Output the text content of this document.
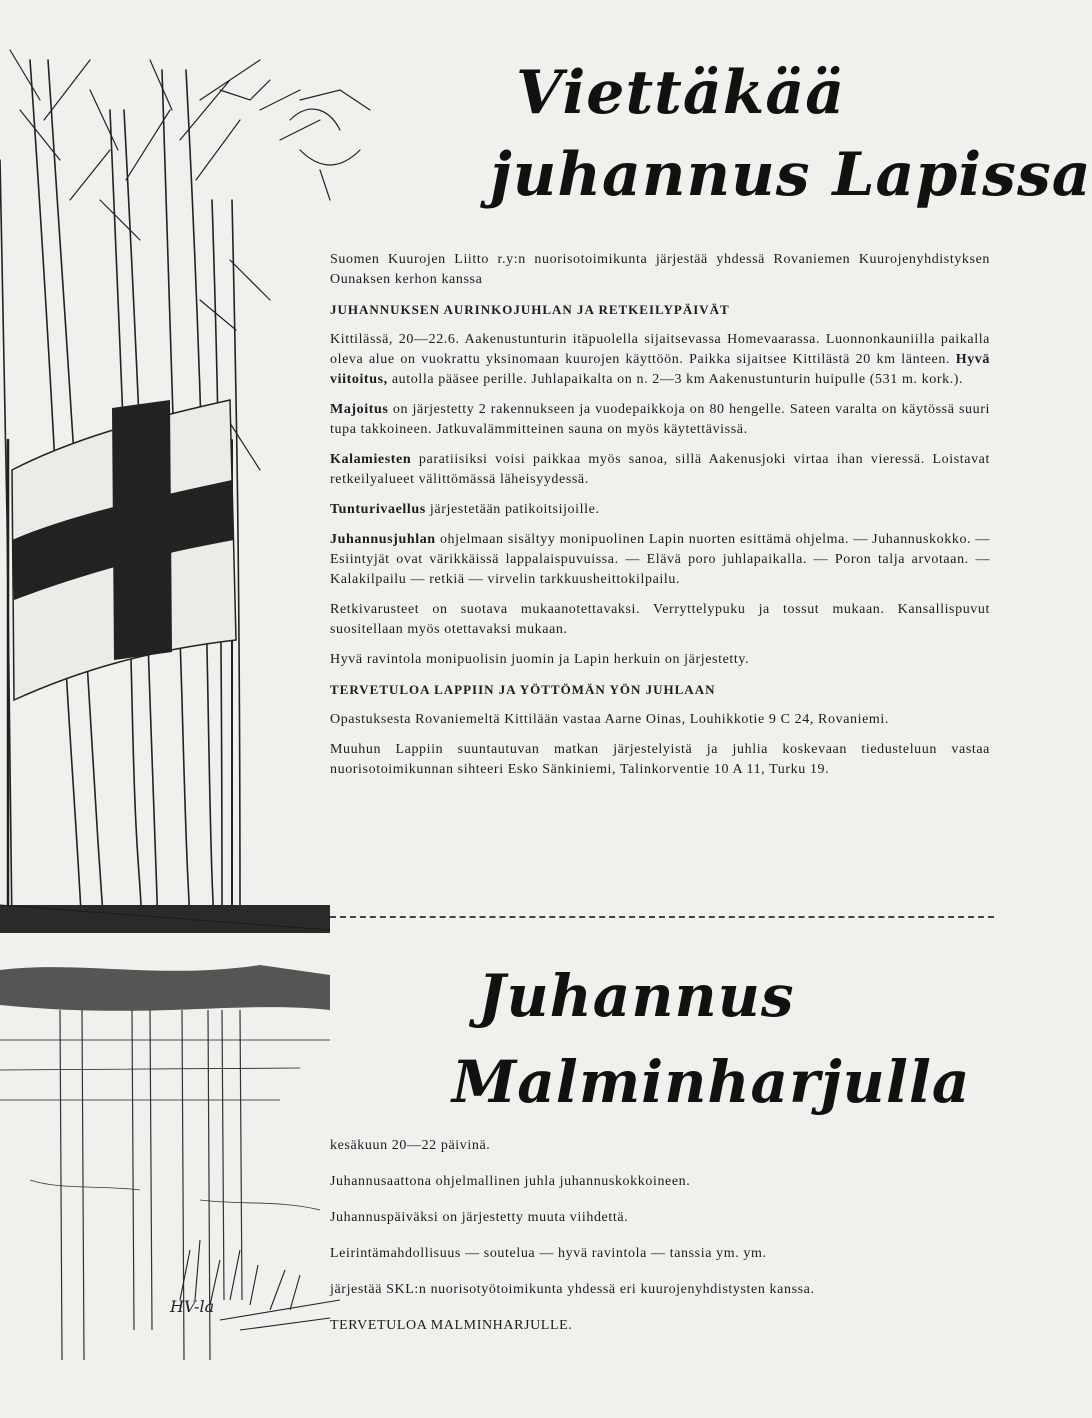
HV-la
Viettäkää
juhannus Lapissa

Suomen Kuurojen Liitto r.y:n nuorisotoimikunta järjestää yhdessä Rovaniemen Kuurojenyhdistyksen Ounaksen kerhon kanssa

JUHANNUKSEN AURINKOJUHLAN JA RETKEILYPÄIVÄT

Kittilässä, 20—22.6. Aakenustunturin itäpuolella sijaitsevassa Homevaarassa. Luonnonkauniilla paikalla oleva alue on vuokrattu yksinomaan kuurojen käyttöön. Paikka sijaitsee Kittilästä 20 km länteen. Hyvä viitoitus, autolla pääsee perille. Juhlapaikalta on n. 2—3 km Aakenustunturin huipulle (531 m. kork.).

Majoitus on järjestetty 2 rakennukseen ja vuodepaikkoja on 80 hengelle. Sateen varalta on käytössä suuri tupa takkoineen. Jatkuvalämmitteinen sauna on myös käytettävissä.

Kalamiesten paratiisiksi voisi paikkaa myös sanoa, sillä Aakenusjoki virtaa ihan vieressä. Loistavat retkeilyalueet välittömässä läheisyydessä.

Tunturivaellus järjestetään patikoitsijoille.

Juhannusjuhlan ohjelmaan sisältyy monipuolinen Lapin nuorten esittämä ohjelma. — Juhannuskokko. — Esiintyjät ovat värikkäissä lappalaispuvuissa. — Elävä poro juhlapaikalla. — Poron talja arvotaan. — Kalakilpailu — retkiä — virvelin tarkkuusheittokilpailu.

Retkivarusteet on suotava mukaanotettavaksi. Verryttelypuku ja tossut mukaan. Kansallispuvut suositellaan myös otettavaksi mukaan.

Hyvä ravintola monipuolisin juomin ja Lapin herkuin on järjestetty.

TERVETULOA LAPPIIN JA YÖTTÖMÄN YÖN JUHLAAN

Opastuksesta Rovaniemeltä Kittilään vastaa Aarne Oinas, Louhikkotie 9 C 24, Rovaniemi.

Muuhun Lappiin suuntautuvan matkan järjestelyistä ja juhlia koskevaan tiedusteluun vastaa nuorisotoimikunnan sihteeri Esko Sänkiniemi, Talinkorventie 10 A 11, Turku 19.

Juhannus
Malminharjulla

kesäkuun 20—22 päivinä.

Juhannusaattona ohjelmallinen juhla juhannuskokkoineen.

Juhannuspäiväksi on järjestetty muuta viihdettä.

Leirintämahdollisuus — soutelua — hyvä ravintola — tanssia ym. ym.

järjestää SKL:n nuorisotyötoimikunta yhdessä eri kuurojenyhdistysten kanssa.

TERVETULOA MALMINHARJULLE.
